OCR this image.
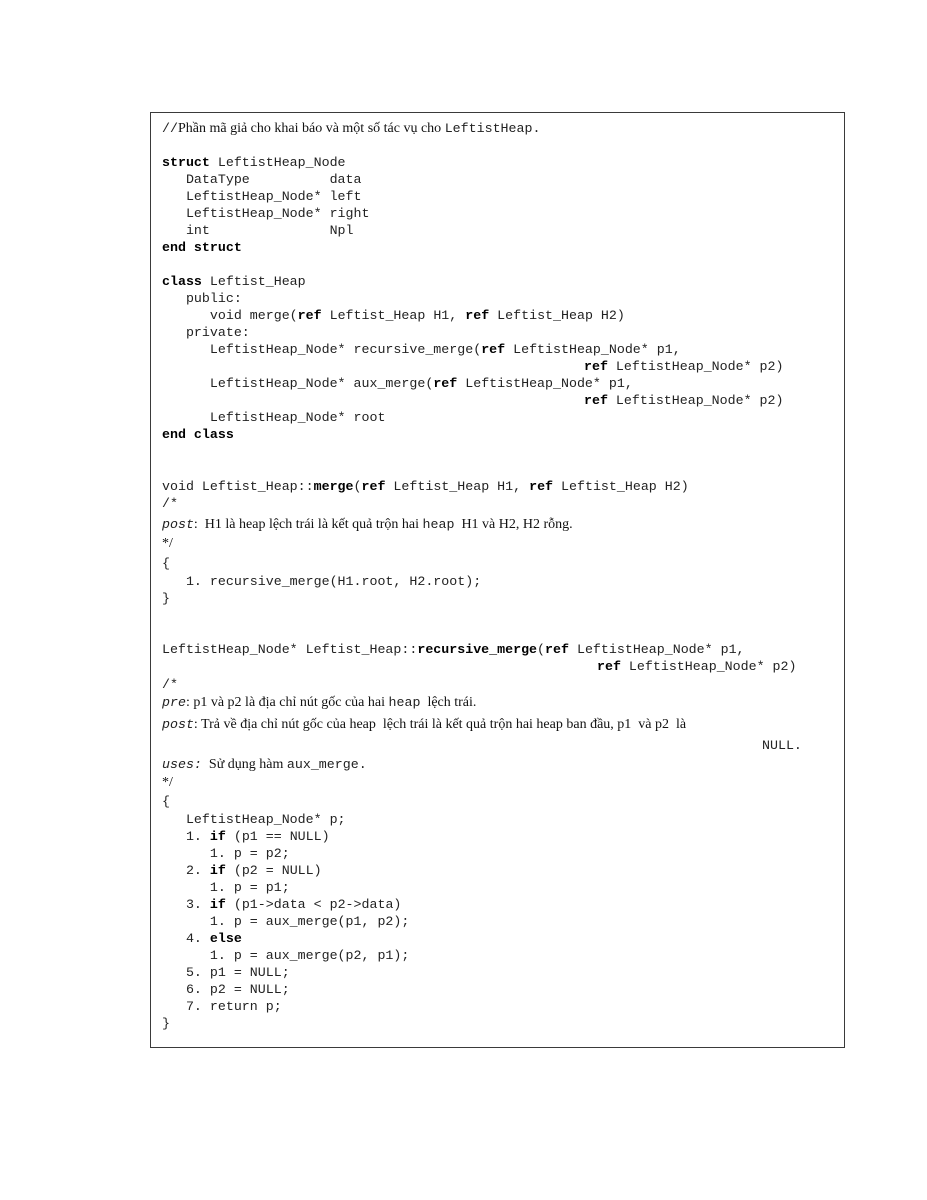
//Phần mã giả cho khai báo và một số tác vụ cho LeftistHeap.
struct LeftistHeap_Node
DataType          data
LeftistHeap_Node* left
LeftistHeap_Node* right
int               Npl
end struct
class Leftist_Heap
public:
void merge(ref Leftist_Heap H1, ref Leftist_Heap H2)
private:
LeftistHeap_Node* recursive_merge(ref LeftistHeap_Node* p1,
ref LeftistHeap_Node* p2)
LeftistHeap_Node* aux_merge(ref LeftistHeap_Node* p1,
ref LeftistHeap_Node* p2)
LeftistHeap_Node* root
end class
void Leftist_Heap::merge(ref Leftist_Heap H1, ref Leftist_Heap H2)
/*
post:  H1 là heap lệch trái là kết quả trộn hai heap  H1 và H2, H2 rỗng.
*/
{
1. recursive_merge(H1.root, H2.root);
}
LeftistHeap_Node* Leftist_Heap::recursive_merge(ref LeftistHeap_Node* p1,
ref LeftistHeap_Node* p2)
/*
pre: p1 và p2 là địa chỉ nút gốc của hai heap  lệch trái.
post: Trả về địa chỉ nút gốc của heap  lệch trái là kết quả trộn hai heap ban đầu, p1  và p2  là
NULL.
uses:  Sử dụng hàm aux_merge.
*/
{
LeftistHeap_Node* p;
1. if (p1 == NULL)
1. p = p2;
2. if (p2 = NULL)
1. p = p1;
3. if (p1->data < p2->data)
1. p = aux_merge(p1, p2);
4. else
1. p = aux_merge(p2, p1);
5. p1 = NULL;
6. p2 = NULL;
7. return p;
}
